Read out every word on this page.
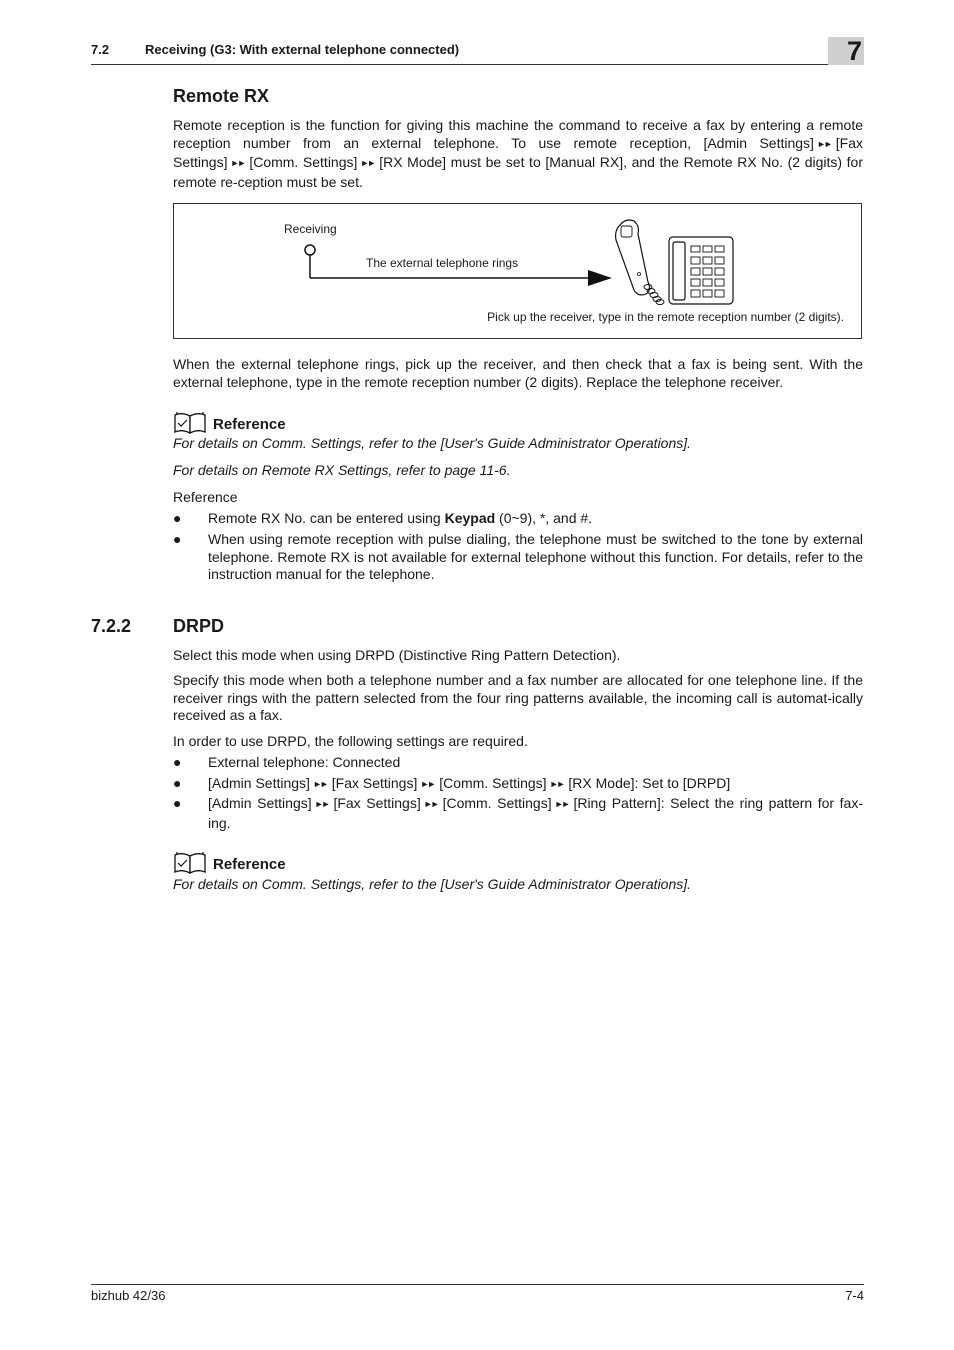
7.2	Receiving (G3: With external telephone connected)	7
Remote RX

Remote reception is the function for giving this machine the command to receive a fax by entering a remote reception number from an external telephone. To use remote reception, [Admin Settings] ►► [Fax Settings] ►► [Comm. Settings] ►► [RX Mode] must be set to [Manual RX], and the Remote RX No. (2 digits) for remote re-ception must be set.

Receiving
The external telephone rings
Pick up the receiver, type in the remote reception number (2 digits).

When the external telephone rings, pick up the receiver, and then check that a fax is being sent. With the external telephone, type in the remote reception number (2 digits). Replace the telephone receiver.

Reference
For details on Comm. Settings, refer to the [User's Guide Administrator Operations].
For details on Remote RX Settings, refer to page 11-6.
Reference
● Remote RX No. can be entered using Keypad (0~9), *, and #.
● When using remote reception with pulse dialing, the telephone must be switched to the tone by external telephone. Remote RX is not available for external telephone without this function. For details, refer to the instruction manual for the telephone.
7.2.2 DRPD

Select this mode when using DRPD (Distinctive Ring Pattern Detection).

Specify this mode when both a telephone number and a fax number are allocated for one telephone line. If the receiver rings with the pattern selected from the four ring patterns available, the incoming call is automat-ically received as a fax.

In order to use DRPD, the following settings are required.

● External telephone: Connected
● [Admin Settings] ►► [Fax Settings] ►► [Comm. Settings] ►► [RX Mode]: Set to [DRPD]
● [Admin Settings] ►► [Fax Settings] ►► [Comm. Settings] ►► [Ring Pattern]: Select the ring pattern for fax-ing.
Reference
For details on Comm. Settings, refer to the [User's Guide Administrator Operations].
bizhub 42/36	7-4
